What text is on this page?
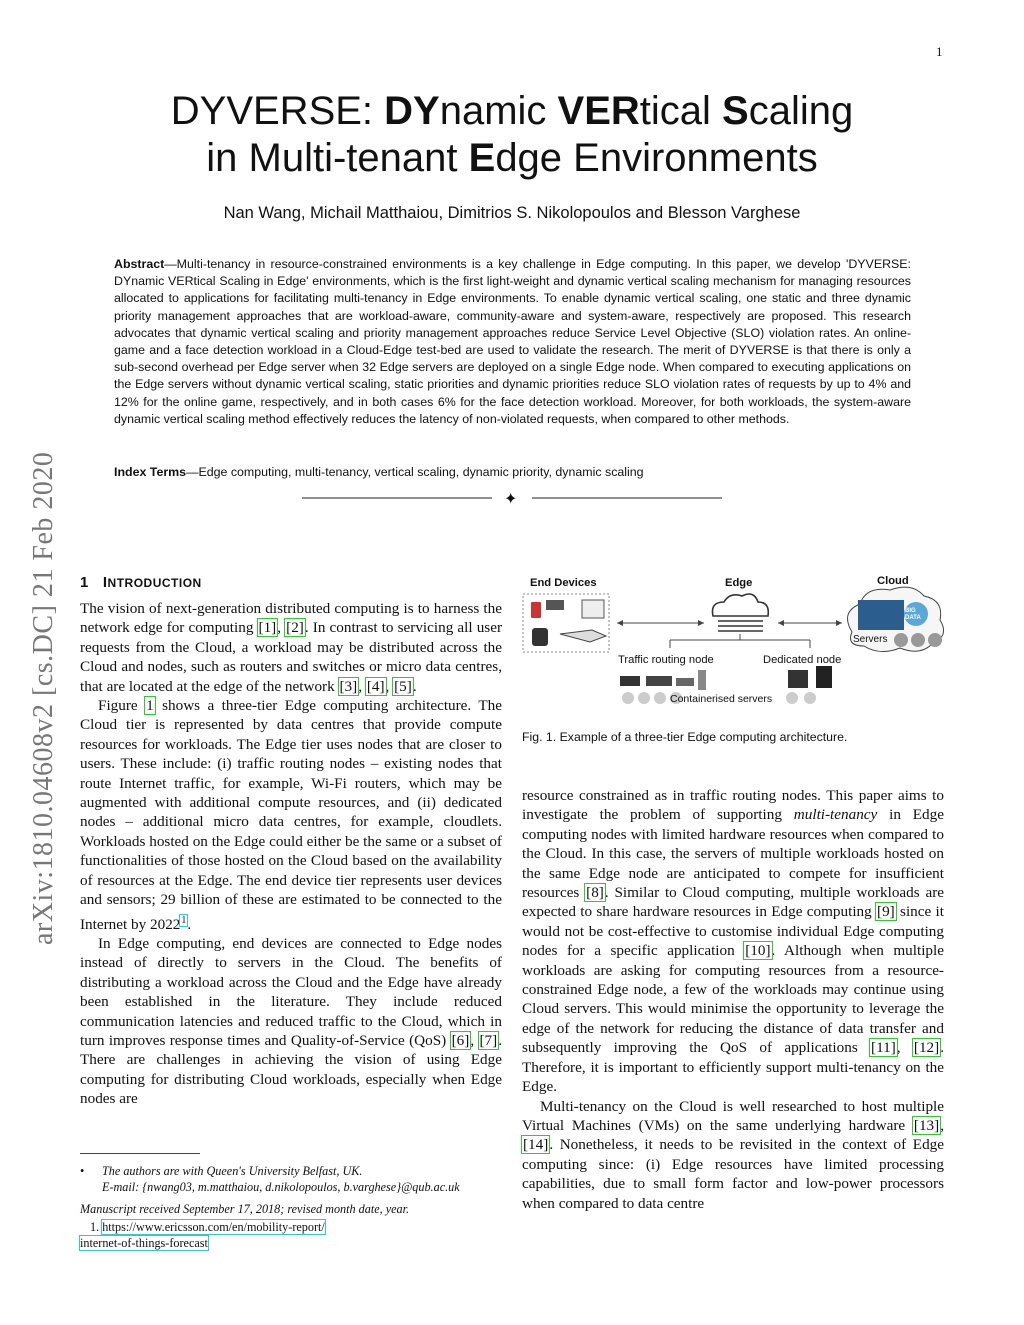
1
arXiv:1810.04608v2 [cs.DC] 21 Feb 2020
DYVERSE: DYnamic VERtical Scaling
in Multi-tenant Edge Environments
Nan Wang, Michail Matthaiou, Dimitrios S. Nikolopoulos and Blesson Varghese
Abstract—Multi-tenancy in resource-constrained environments is a key challenge in Edge computing. In this paper, we develop 'DYVERSE: DYnamic VERtical Scaling in Edge' environments, which is the first light-weight and dynamic vertical scaling mechanism for managing resources allocated to applications for facilitating multi-tenancy in Edge environments. To enable dynamic vertical scaling, one static and three dynamic priority management approaches that are workload-aware, community-aware and system-aware, respectively are proposed. This research advocates that dynamic vertical scaling and priority management approaches reduce Service Level Objective (SLO) violation rates. An online-game and a face detection workload in a Cloud-Edge test-bed are used to validate the research. The merit of DYVERSE is that there is only a sub-second overhead per Edge server when 32 Edge servers are deployed on a single Edge node. When compared to executing applications on the Edge servers without dynamic vertical scaling, static priorities and dynamic priorities reduce SLO violation rates of requests by up to 4% and 12% for the online game, respectively, and in both cases 6% for the face detection workload. Moreover, for both workloads, the system-aware dynamic vertical scaling method effectively reduces the latency of non-violated requests, when compared to other methods.
Index Terms—Edge computing, multi-tenancy, vertical scaling, dynamic priority, dynamic scaling
✦
1 INTRODUCTION

The vision of next-generation distributed computing is to harness the network edge for computing [1], [2]. In contrast to servicing all user requests from the Cloud, a workload may be distributed across the Cloud and nodes, such as routers and switches or micro data centres, that are located at the edge of the network [3], [4], [5].

Figure 1 shows a three-tier Edge computing architecture. The Cloud tier is represented by data centres that provide compute resources for workloads. The Edge tier uses nodes that are closer to users. These include: (i) traffic routing nodes – existing nodes that route Internet traffic, for example, Wi-Fi routers, which may be augmented with additional compute resources, and (ii) dedicated nodes – additional micro data centres, for example, cloudlets. Workloads hosted on the Edge could either be the same or a subset of functionalities of those hosted on the Cloud based on the availability of resources at the Edge. The end device tier represents user devices and sensors; 29 billion of these are estimated to be connected to the Internet by 2022$^1$.

In Edge computing, end devices are connected to Edge nodes instead of directly to servers in the Cloud. The benefits of distributing a workload across the Cloud and the Edge have already been established in the literature. They include reduced communication latencies and reduced traffic to the Cloud, which in turn improves response times and Quality-of-Service (QoS) [6], [7]. There are challenges in achieving the vision of using Edge computing for distributing Cloud workloads, especially when Edge nodes are

resource constrained as in traffic routing nodes. This paper aims to investigate the problem of supporting multi-tenancy in Edge computing nodes with limited hardware resources when compared to the Cloud. In this case, the servers of multiple workloads hosted on the same Edge node are anticipated to compete for insufficient resources [8]. Similar to Cloud computing, multiple workloads are expected to share hardware resources in Edge computing [9] since it would not be cost-effective to customise individual Edge computing nodes for a specific application [10]. Although when multiple workloads are asking for computing resources from a resource-constrained Edge node, a few of the workloads may continue using Cloud servers. This would minimise the opportunity to leverage the edge of the network for reducing the distance of data transfer and subsequently improving the QoS of applications [11], [12]. Therefore, it is important to efficiently support multi-tenancy on the Edge.

Multi-tenancy on the Cloud is well researched to host multiple Virtual Machines (VMs) on the same underlying hardware [13], [14]. Nonetheless, it needs to be revisited in the context of Edge computing since: (i) Edge resources have limited processing capabilities, due to small form factor and low-power processors when compared to data centre

End Devices	Edge	Cloud
Servers
BIG DATA
Traffic routing node	Dedicated node
Containerised servers
Fig. 1. Example of a three-tier Edge computing architecture.
• The authors are with Queen's University Belfast, UK.
E-mail: {nwang03, m.matthaiou, d.nikolopoulos, b.varghese}@qub.ac.uk
Manuscript received September 17, 2018; revised month date, year.
1. https://www.ericsson.com/en/mobility-report/
internet-of-things-forecast
